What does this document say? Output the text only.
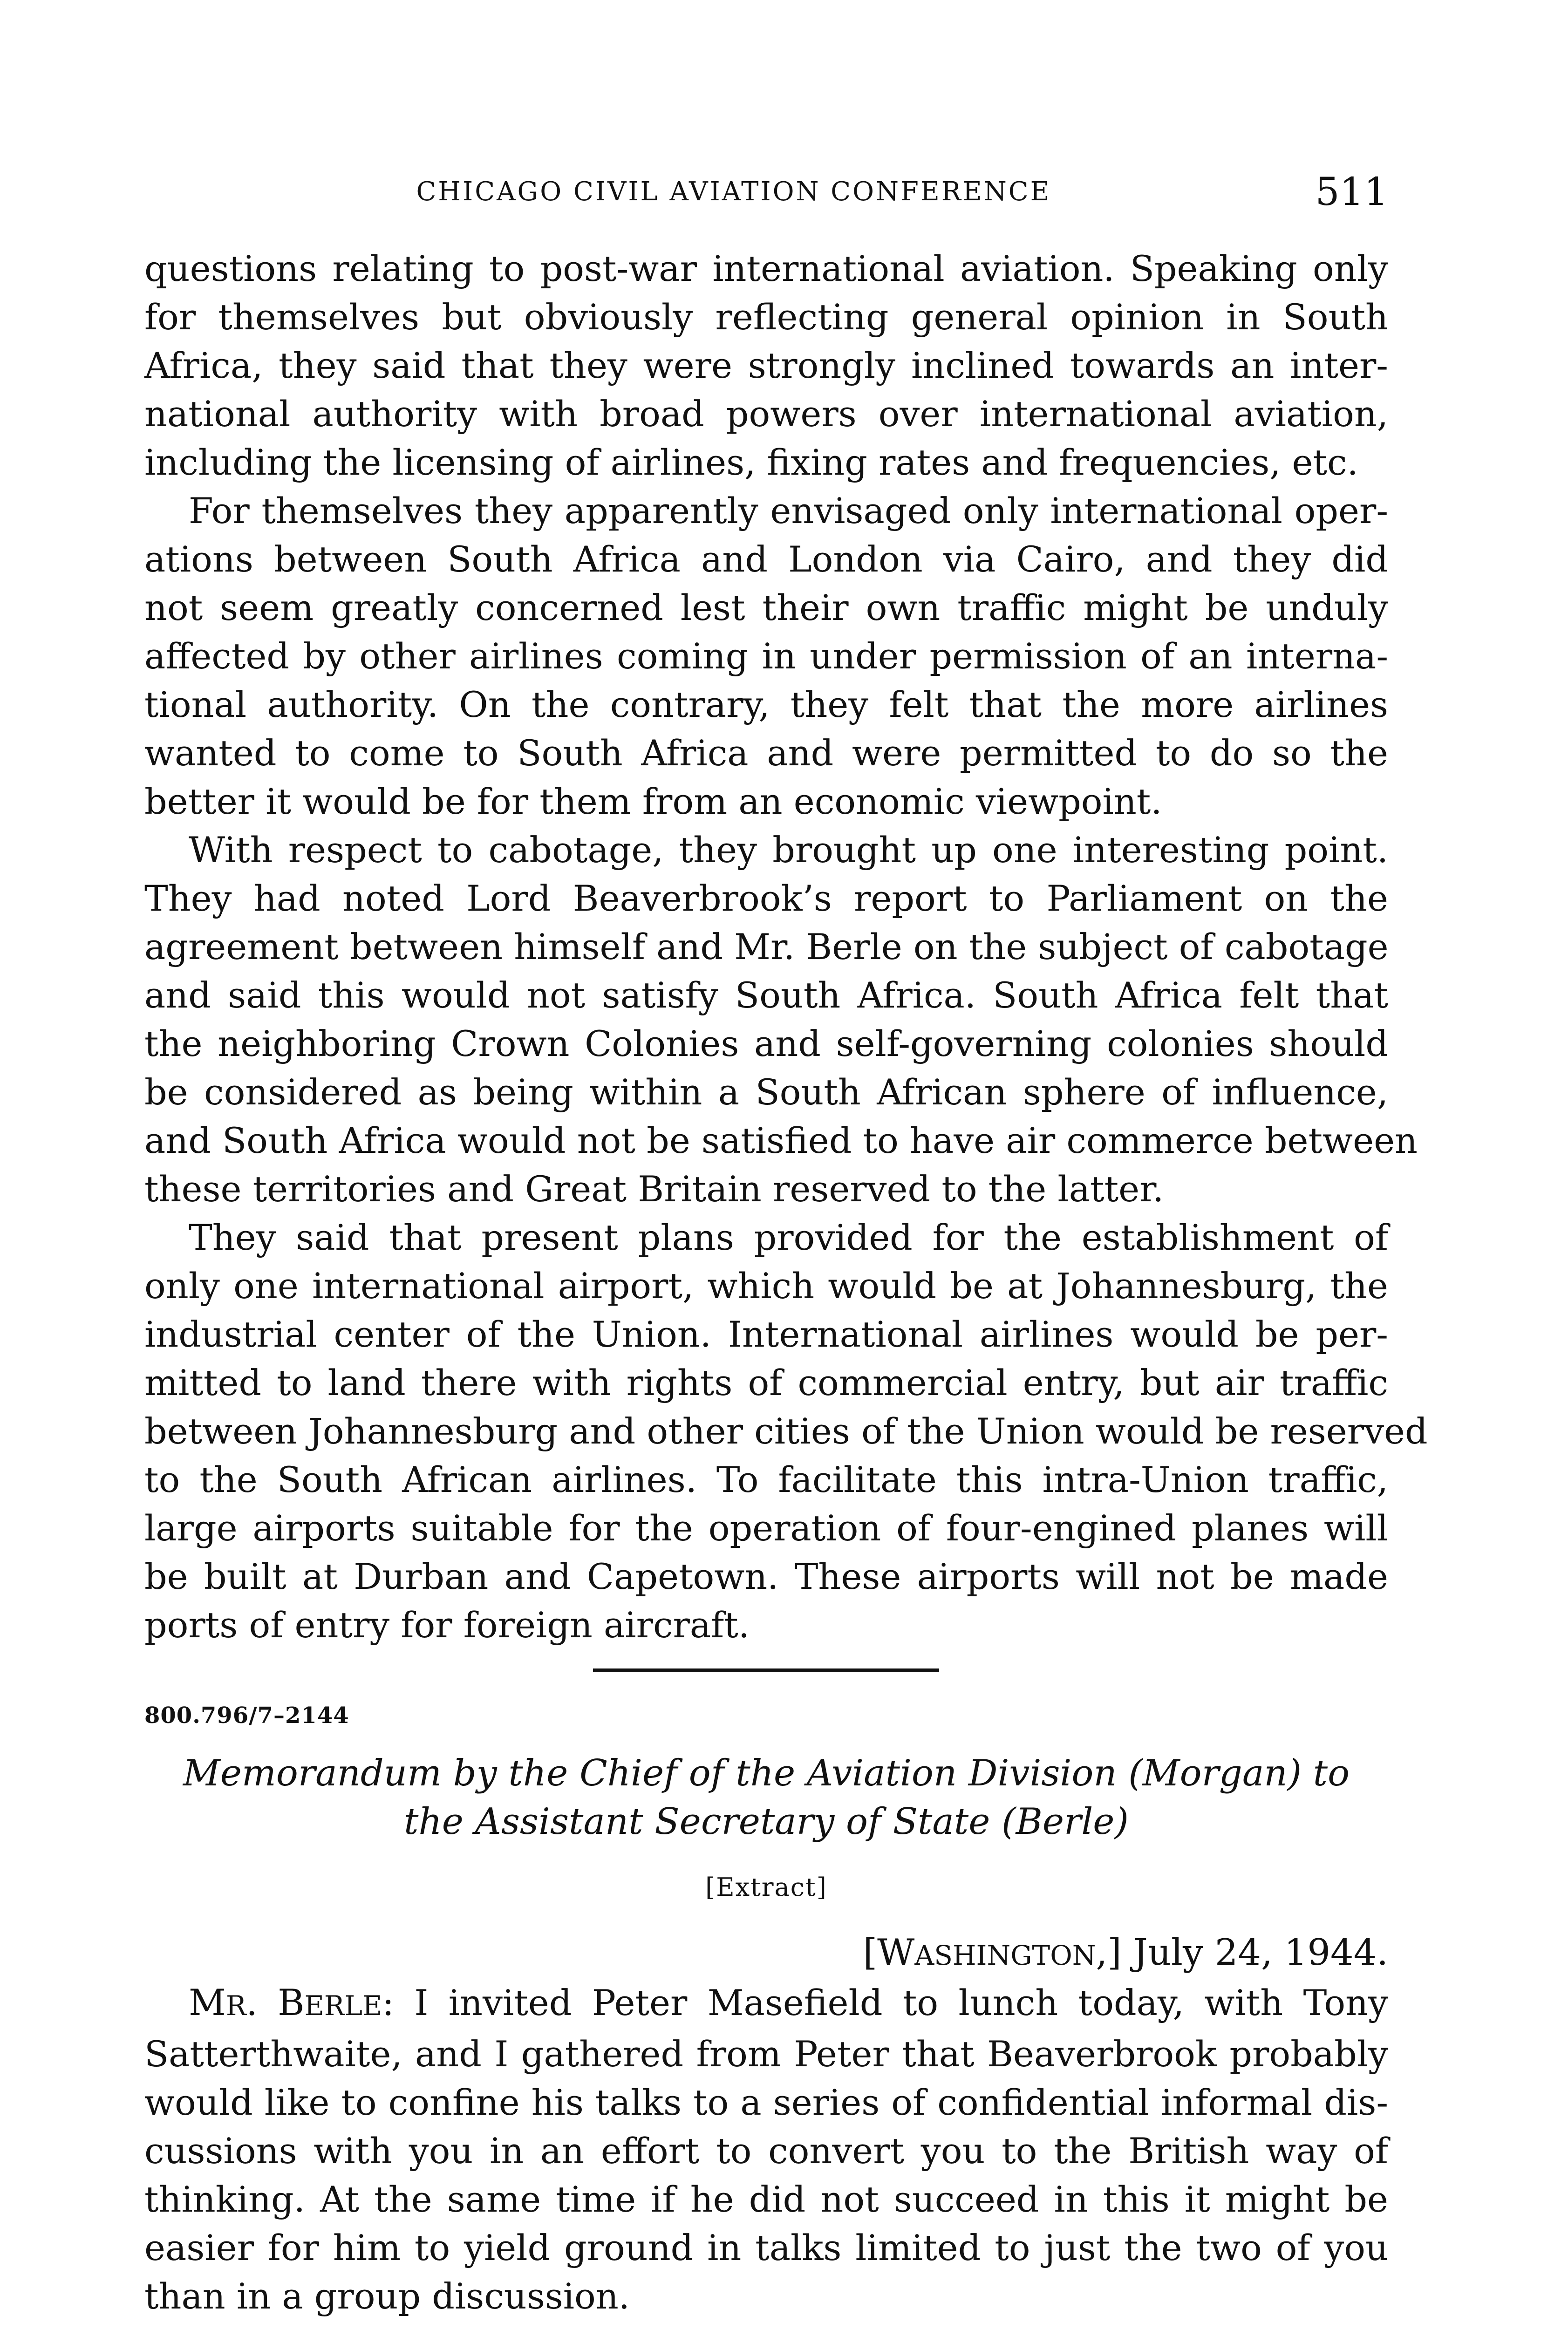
CHICAGO CIVIL AVIATION CONFERENCE	511
questions relating to post-war international aviation. Speaking only
for themselves but obviously reflecting general opinion in South
Africa, they said that they were strongly inclined towards an inter-
national authority with broad powers over international aviation,
including the licensing of airlines, fixing rates and frequencies, etc.
For themselves they apparently envisaged only international oper-
ations between South Africa and London via Cairo, and they did
not seem greatly concerned lest their own traffic might be unduly
affected by other airlines coming in under permission of an interna-
tional authority. On the contrary, they felt that the more airlines
wanted to come to South Africa and were permitted to do so the
better it would be for them from an economic viewpoint.
With respect to cabotage, they brought up one interesting point.
They had noted Lord Beaverbrook’s report to Parliament on the
agreement between himself and Mr. Berle on the subject of cabotage
and said this would not satisfy South Africa. South Africa felt that
the neighboring Crown Colonies and self-governing colonies should
be considered as being within a South African sphere of influence,
and South Africa would not be satisfied to have air commerce between
these territories and Great Britain reserved to the latter.
They said that present plans provided for the establishment of
only one international airport, which would be at Johannesburg, the
industrial center of the Union. International airlines would be per-
mitted to land there with rights of commercial entry, but air traffic
between Johannesburg and other cities of the Union would be reserved
to the South African airlines. To facilitate this intra-Union traffic,
large airports suitable for the operation of four-engined planes will
be built at Durban and Capetown. These airports will not be made
ports of entry for foreign aircraft.
800.796/7–2144
Memorandum by the Chief of the Aviation Division (Morgan) to
the Assistant Secretary of State (Berle)
[Extract]
[WASHINGTON,] July 24, 1944.
MR. BERLE: I invited Peter Masefield to lunch today, with Tony
Satterthwaite, and I gathered from Peter that Beaverbrook probably
would like to confine his talks to a series of confidential informal dis-
cussions with you in an effort to convert you to the British way of
thinking. At the same time if he did not succeed in this it might be
easier for him to yield ground in talks limited to just the two of you
than in a group discussion.
